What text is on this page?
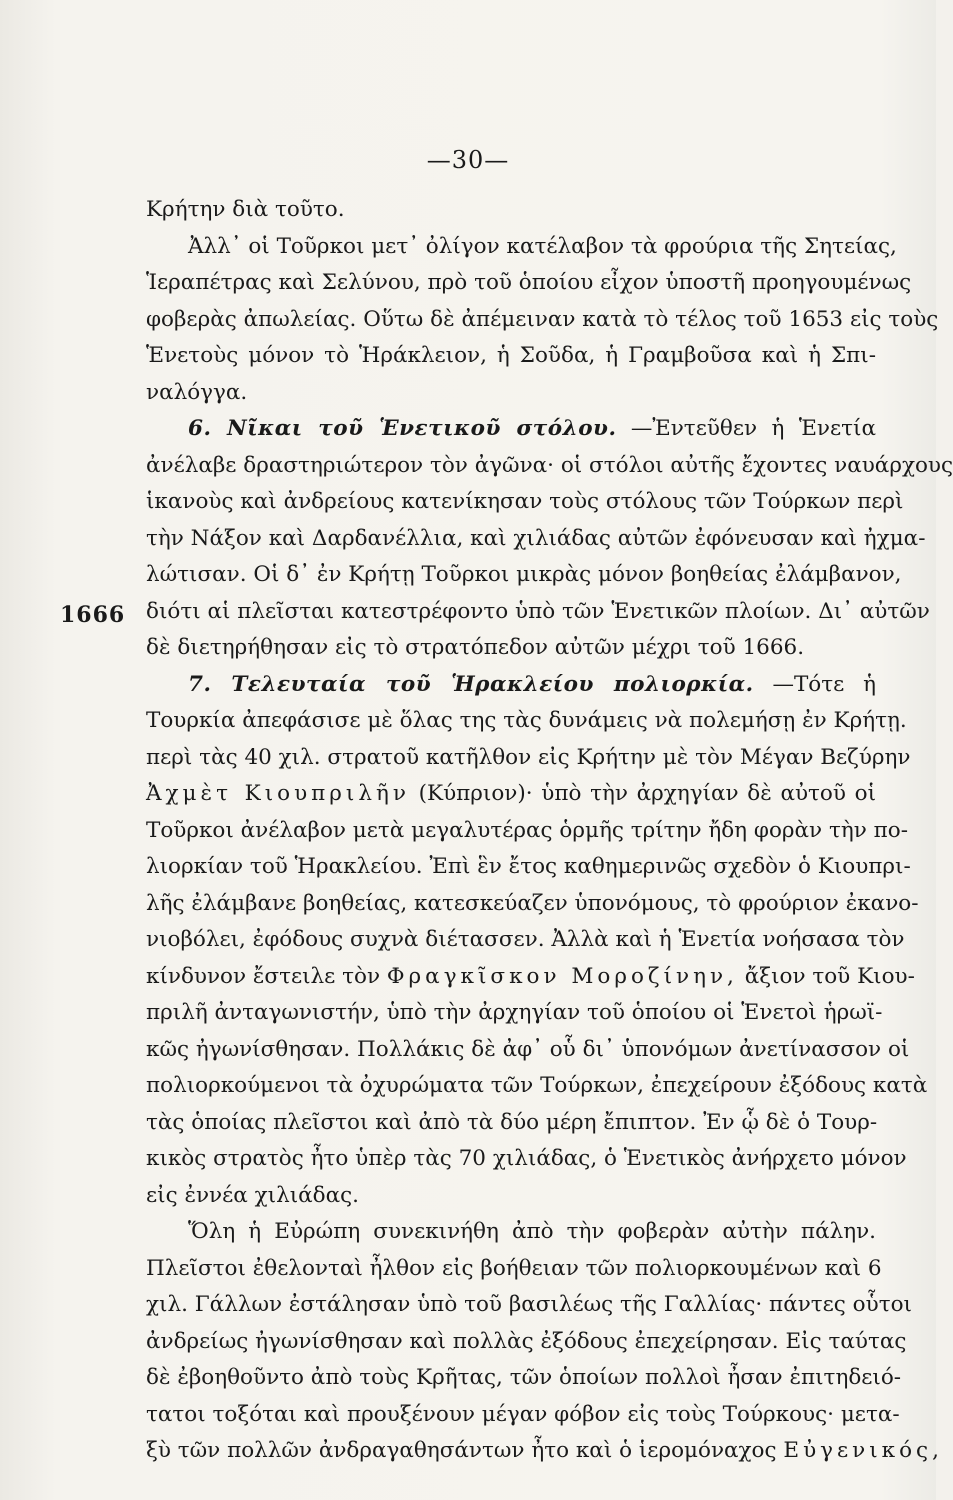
—30—
1666
Κρήτην διὰ τοῦτο.
Ἀλλ᾽ οἱ Τοῦρκοι μετ᾽ ὀλίγον κατέλαβον τὰ φρούρια τῆς Σητείας,
Ἱεραπέτρας καὶ Σελύνου, πρὸ τοῦ ὁποίου εἶχον ὑποστῆ προηγουμένως
φοβερὰς ἀπωλείας. Οὕτω δὲ ἀπέμειναν κατὰ τὸ τέλος τοῦ 1653 εἰς τοὺς
Ἑνετοὺς μόνον τὸ Ἡράκλειον, ἡ Σοῦδα, ἡ Γραμβοῦσα καὶ ἡ Σπι-
ναλόγγα.
6. Νῖκαι τοῦ Ἑνετικοῦ στόλου. —Ἐντεῦθεν ἡ Ἑνετία
ἀνέλαβε δραστηριώτερον τὸν ἀγῶνα· οἱ στόλοι αὐτῆς ἔχοντες ναυάρχους
ἱκανοὺς καὶ ἀνδρείους κατενίκησαν τοὺς στόλους τῶν Τούρκων περὶ
τὴν Νάξον καὶ Δαρδανέλλια, καὶ χιλιάδας αὐτῶν ἐφόνευσαν καὶ ἠχμα-
λώτισαν. Οἱ δ᾽ ἐν Κρήτῃ Τοῦρκοι μικρὰς μόνον βοηθείας ἐλάμβανον,
διότι αἱ πλεῖσται κατεστρέφοντο ὑπὸ τῶν Ἑνετικῶν πλοίων. Δι᾽ αὐτῶν
δὲ διετηρήθησαν εἰς τὸ στρατόπεδον αὐτῶν μέχρι τοῦ 1666.
7. Τελευταία τοῦ Ἡρακλείου πολιορκία. —Τότε ἡ
Τουρκία ἀπεφάσισε μὲ ὅλας της τὰς δυνάμεις νὰ πολεμήσῃ ἐν Κρήτῃ.
περὶ τὰς 40 χιλ. στρατοῦ κατῆλθον εἰς Κρήτην μὲ τὸν Μέγαν Βεζύρην
Ἀχμὲτ Κιουπριλῆν (Κύπριον)· ὑπὸ τὴν ἀρχηγίαν δὲ αὐτοῦ οἱ
Τοῦρκοι ἀνέλαβον μετὰ μεγαλυτέρας ὁρμῆς τρίτην ἤδη φορὰν τὴν πο-
λιορκίαν τοῦ Ἡρακλείου. Ἐπὶ ἓν ἔτος καθημερινῶς σχεδὸν ὁ Κιουπρι-
λῆς ἐλάμβανε βοηθείας, κατεσκεύαζεν ὑπονόμους, τὸ φρούριον ἐκανο-
νιοβόλει, ἐφόδους συχνὰ διέτασσεν. Ἀλλὰ καὶ ἡ Ἑνετία νοήσασα τὸν
κίνδυνον ἔστειλε τὸν Φραγκῖσκον Μοροζίνην, ἄξιον τοῦ Κιου-
πριλῆ ἀνταγωνιστήν, ὑπὸ τὴν ἀρχηγίαν τοῦ ὁποίου οἱ Ἑνετοὶ ἡρωϊ-
κῶς ἠγωνίσθησαν. Πολλάκις δὲ ἀφ᾽ οὗ δι᾽ ὑπονόμων ἀνετίνασσον οἱ
πολιορκούμενοι τὰ ὀχυρώματα τῶν Τούρκων, ἐπεχείρουν ἐξόδους κατὰ
τὰς ὁποίας πλεῖστοι καὶ ἀπὸ τὰ δύο μέρη ἔπιπτον. Ἐν ᾧ δὲ ὁ Τουρ-
κικὸς στρατὸς ἦτο ὑπὲρ τὰς 70 χιλιάδας, ὁ Ἑνετικὸς ἀνήρχετο μόνον
εἰς ἐννέα χιλιάδας.
Ὅλη ἡ Εὐρώπη συνεκινήθη ἀπὸ τὴν φοβερὰν αὐτὴν πάλην.
Πλεῖστοι ἐθελονταὶ ἦλθον εἰς βοήθειαν τῶν πολιορκουμένων καὶ 6
χιλ. Γάλλων ἐστάλησαν ὑπὸ τοῦ βασιλέως τῆς Γαλλίας· πάντες οὗτοι
ἀνδρείως ἠγωνίσθησαν καὶ πολλὰς ἐξόδους ἐπεχείρησαν. Εἰς ταύτας
δὲ ἐβοηθοῦντο ἀπὸ τοὺς Κρῆτας, τῶν ὁποίων πολλοὶ ἦσαν ἐπιτηδειό-
τατοι τοξόται καὶ προυξένουν μέγαν φόβον εἰς τοὺς Τούρκους· μετα-
ξὺ τῶν πολλῶν ἀνδραγαθησάντων ἦτο καὶ ὁ ἱερομόναχος Εὐγενικός,
